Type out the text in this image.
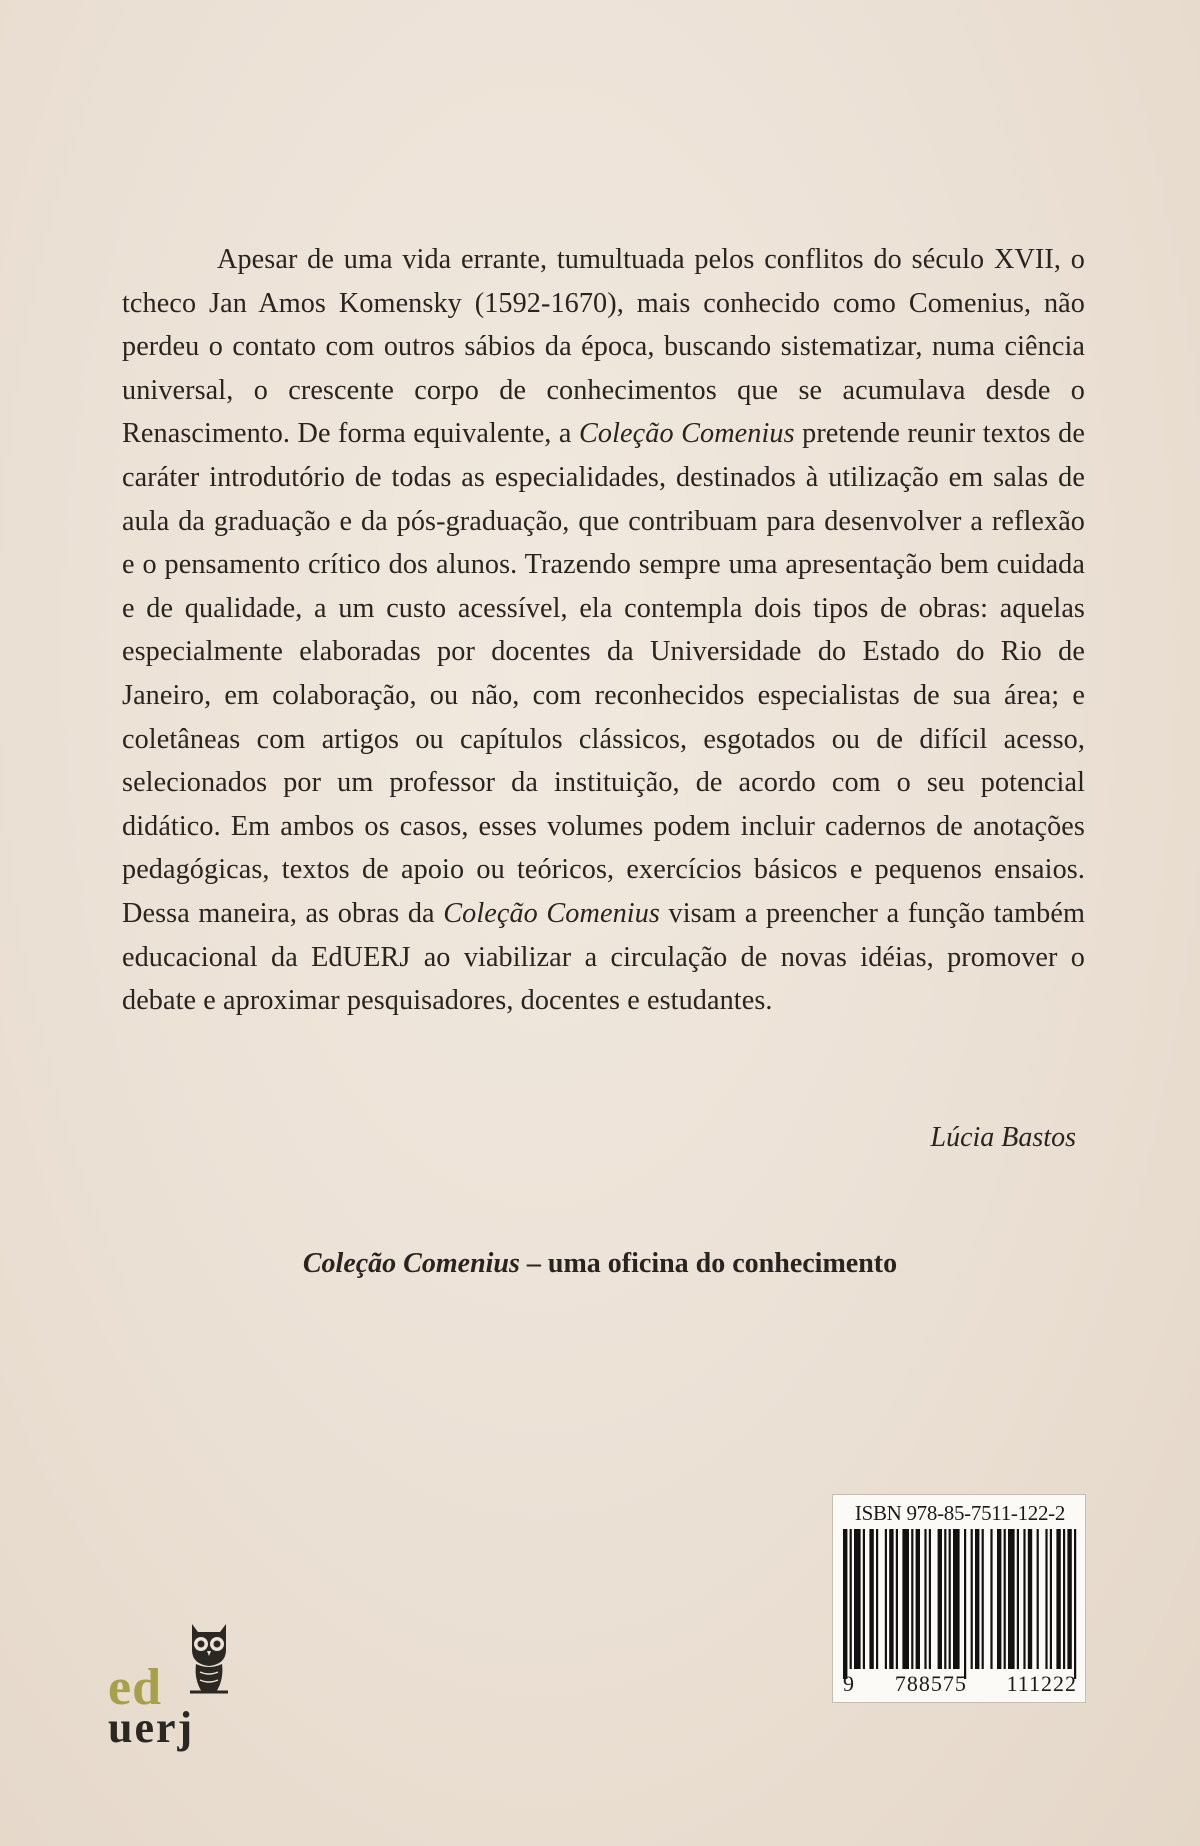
Apesar de uma vida errante, tumultuada pelos conflitos do século XVII, o tcheco Jan Amos Komensky (1592-1670), mais conhecido como Comenius, não perdeu o contato com outros sábios da época, buscando sistematizar, numa ciência universal, o crescente corpo de conhecimentos que se acumulava desde o Renascimento. De forma equivalente, a Coleção Comenius pretende reunir textos de caráter introdutório de todas as especialidades, destinados à utilização em salas de aula da graduação e da pós-graduação, que contribuam para desenvolver a reflexão e o pensamento crítico dos alunos. Trazendo sempre uma apresentação bem cuidada e de qualidade, a um custo acessível, ela contempla dois tipos de obras: aquelas especialmente elaboradas por docentes da Universidade do Estado do Rio de Janeiro, em colaboração, ou não, com reconhecidos especialistas de sua área; e coletâneas com artigos ou capítulos clássicos, esgotados ou de difícil acesso, selecionados por um professor da instituição, de acordo com o seu potencial didático. Em ambos os casos, esses volumes podem incluir cadernos de anotações pedagógicas, textos de apoio ou teóricos, exercícios básicos e pequenos ensaios. Dessa maneira, as obras da Coleção Comenius visam a preencher a função também educacional da EdUERJ ao viabilizar a circulação de novas idéias, promover o debate e aproximar pesquisadores, docentes e estudantes.

Lúcia Bastos

Coleção Comenius – uma oficina do conhecimento

ISBN 978-85-7511-122-2
9 788575 111222
ed
uerj
